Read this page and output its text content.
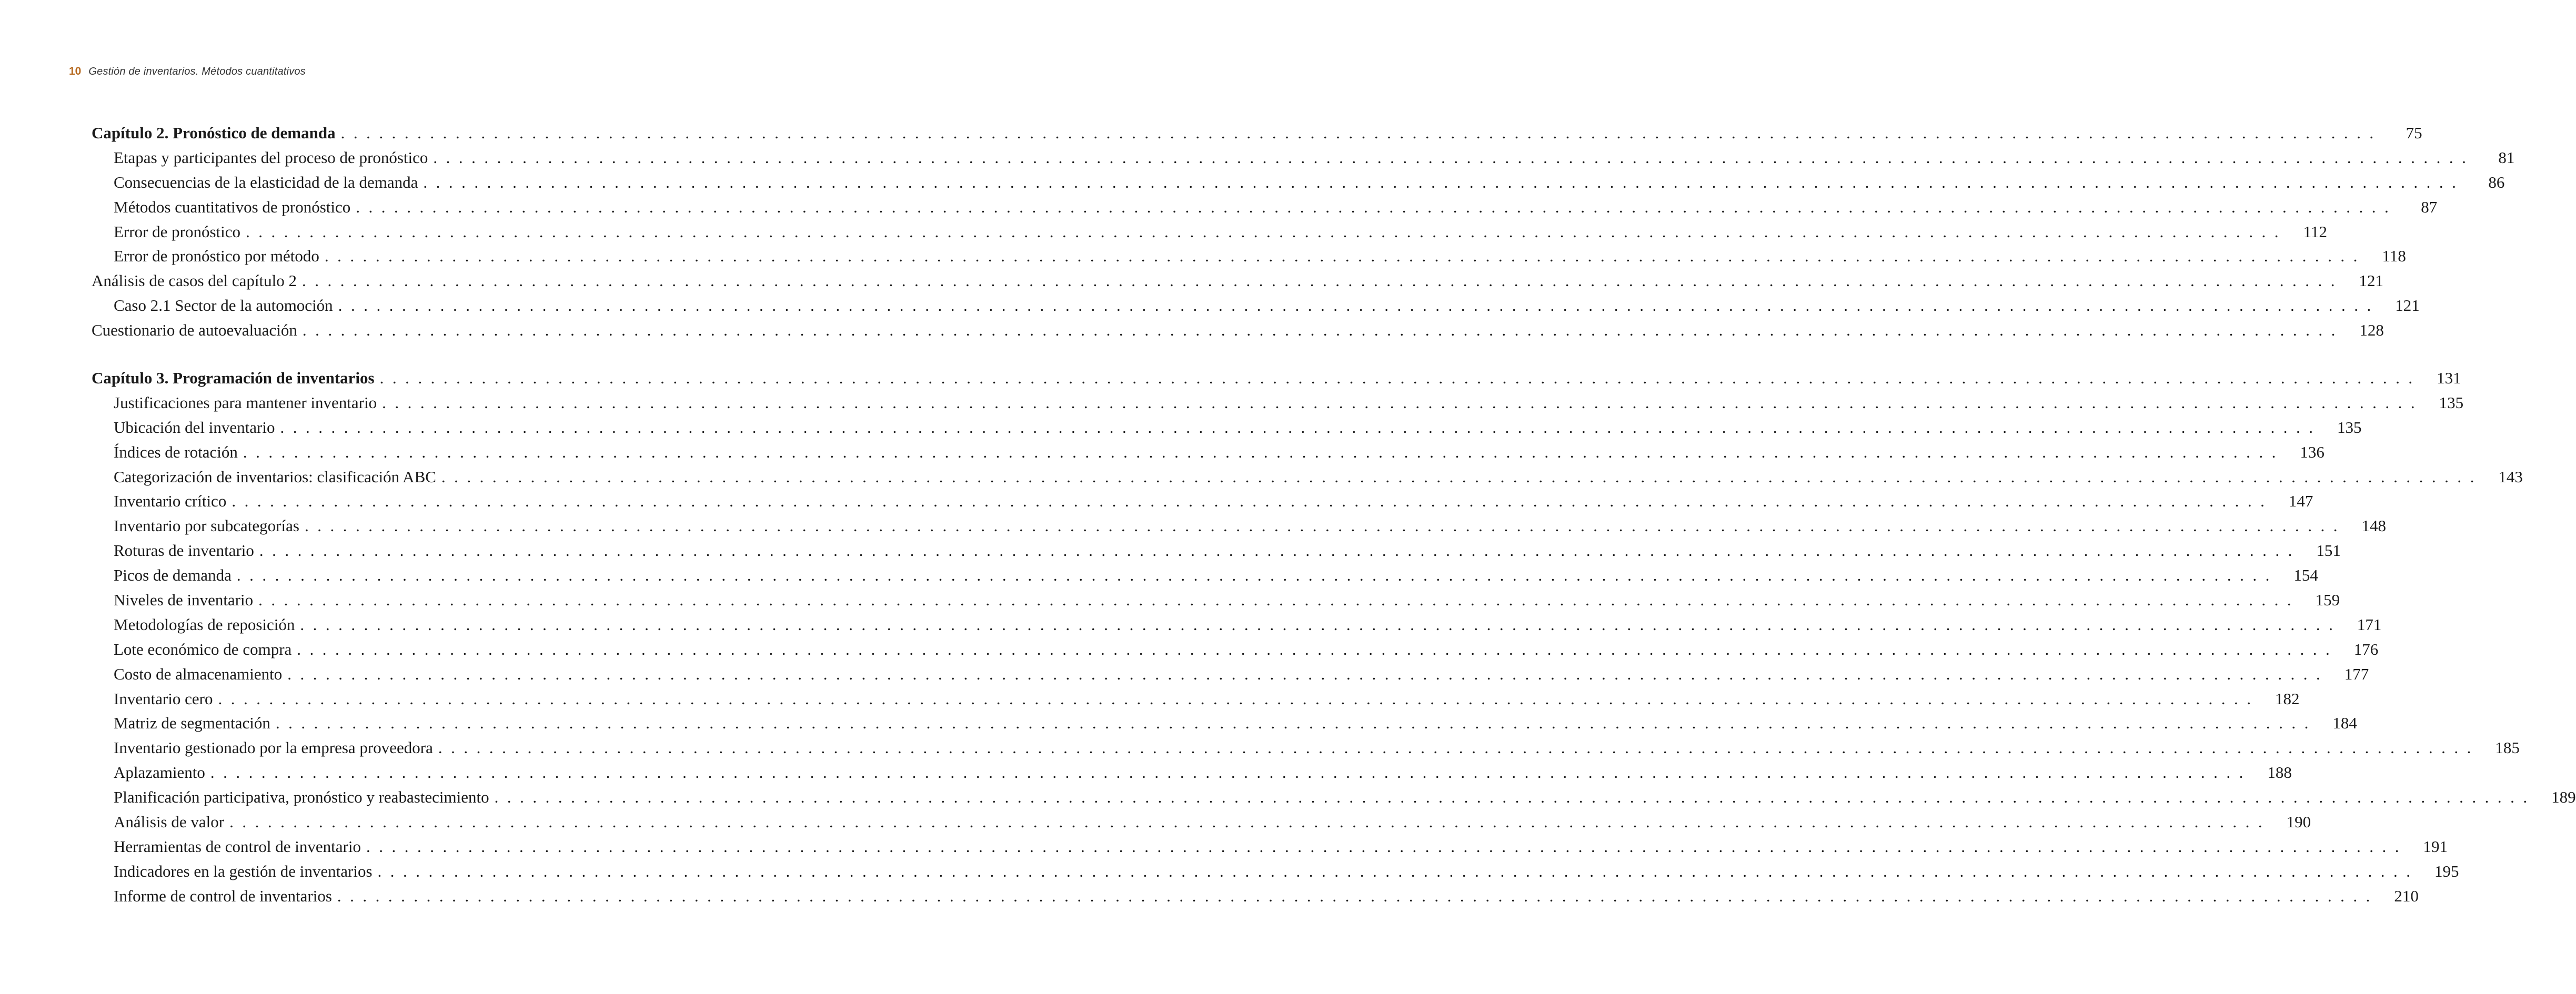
10 Gestión de inventarios. Métodos cuantitativos
Capítulo 2. Pronóstico de demanda ................................................................................................................................................................	75
Etapas y participantes del proceso de pronóstico ................................................................................................................................................................	81
Consecuencias de la elasticidad de la demanda ................................................................................................................................................................	86
Métodos cuantitativos de pronóstico ................................................................................................................................................................	87
Error de pronóstico ................................................................................................................................................................ 112
Error de pronóstico por método ................................................................................................................................................................ 118
Análisis de casos del capítulo 2 ................................................................................................................................................................ 121
Caso 2.1 Sector de la automoción ................................................................................................................................................................ 121
Cuestionario de autoevaluación ................................................................................................................................................................ 128
Capítulo 3. Programación de inventarios ................................................................................................................................................................ 131
Justificaciones para mantener inventario ................................................................................................................................................................ 135
Ubicación del inventario ................................................................................................................................................................ 135
Índices de rotación ................................................................................................................................................................ 136
Categorización de inventarios: clasificación ABC ................................................................................................................................................................ 143
Inventario crítico ................................................................................................................................................................ 147
Inventario por subcategorías ................................................................................................................................................................ 148
Roturas de inventario ................................................................................................................................................................ 151
Picos de demanda ................................................................................................................................................................ 154
Niveles de inventario ................................................................................................................................................................ 159
Metodologías de reposición ................................................................................................................................................................ 171
Lote económico de compra ................................................................................................................................................................ 176
Costo de almacenamiento ................................................................................................................................................................ 177
Inventario cero ................................................................................................................................................................ 182
Matriz de segmentación ................................................................................................................................................................ 184
Inventario gestionado por la empresa proveedora ................................................................................................................................................................ 185
Aplazamiento ................................................................................................................................................................ 188
Planificación participativa, pronóstico y reabastecimiento ................................................................................................................................................................ 189
Análisis de valor ................................................................................................................................................................ 190
Herramientas de control de inventario ................................................................................................................................................................ 191
Indicadores en la gestión de inventarios ................................................................................................................................................................ 195
Informe de control de inventarios ................................................................................................................................................................ 210
